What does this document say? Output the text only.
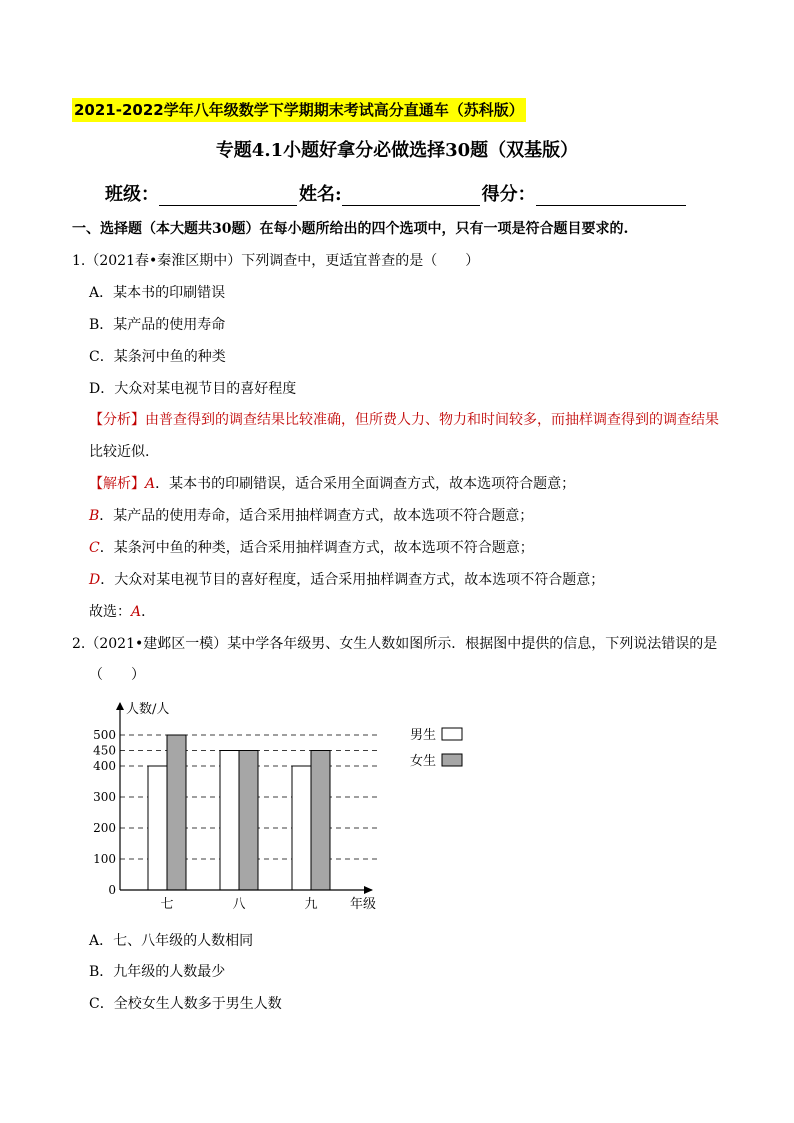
2021-2022学年八年级数学下学期期末考试高分直通车（苏科版）
专题4.1小题好拿分必做选择30题（双基版）
班级：	姓名:	得分：
一、选择题（本大题共30题）在每小题所给出的四个选项中，只有一项是符合题目要求的.
1.（2021春•秦淮区期中）下列调查中，更适宜普查的是（　　）
A．某本书的印刷错误
B．某产品的使用寿命
C．某条河中鱼的种类
D．大众对某电视节目的喜好程度
【分析】由普查得到的调查结果比较准确，但所费人力、物力和时间较多，而抽样调查得到的调查结果
比较近似.
【解析】A．某本书的印刷错误，适合采用全面调查方式，故本选项符合题意；
B．某产品的使用寿命，适合采用抽样调查方式，故本选项不符合题意；
C．某条河中鱼的种类，适合采用抽样调查方式，故本选项不符合题意；
D．大众对某电视节目的喜好程度，适合采用抽样调查方式，故本选项不符合题意；
故选：A．
2.（2021•建邺区一模）某中学各年级男、女生人数如图所示．根据图中提供的信息，下列说法错误的是
（　　）
0
100
200
300
400
450
500
七	八	九
人数/人
年级
男生
女生
A．七、八年级的人数相同
B．九年级的人数最少
C．全校女生人数多于男生人数
